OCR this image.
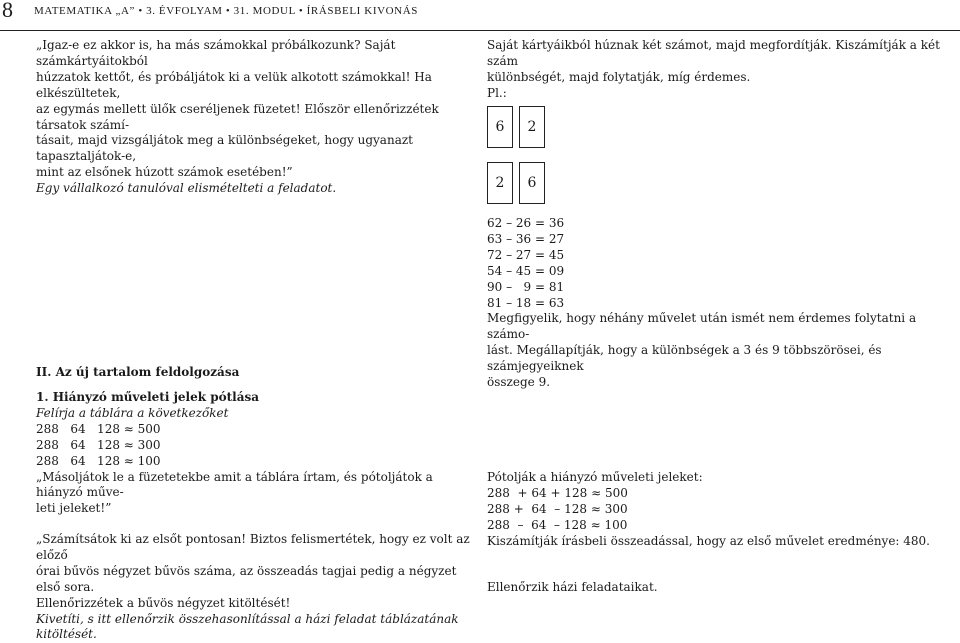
8 MATEMATIKA „A” • 3. ÉVFOLYAM • 31. MODUL • ÍRÁSBELI KIVONÁS

„Igaz-e ez akkor is, ha más számokkal próbálkozunk? Saját számkártyáitokból

húzzatok kettőt, és próbáljátok ki a velük alkotott számokkal! Ha elkészültetek,

az egymás mellett ülők cseréljenek füzetet! Először ellenőrizzétek társatok számí-

tásait, majd vizsgáljátok meg a különbségeket, hogy ugyanazt tapasztaljátok-e,

mint az elsőnek húzott számok esetében!”

Egy vállalkozó tanulóval elismételteti a feladatot.

Saját kártyáikból húznak két számot, majd megfordítják. Kiszámítják a két szám

különbségét, majd folytatják, míg érdemes.

Pl.:

6	2
2	6
62 – 26 = 36
63 – 36 = 27
72 – 27 = 45
54 – 45 = 09
90 –   9 = 81
81 – 18 = 63
Megfigyelik, hogy néhány művelet után ismét nem érdemes folytatni a számo-
lást. Megállapítják, hogy a különbségek a 3 és 9 többszörösei, és számjegyeiknek
összege 9.
II. Az új tartalom feldolgozása
1. Hiányzó műveleti jelek pótlása
Felírja a táblára a következőket
288   64   128 ≈ 500
288   64   128 ≈ 300
288   64   128 ≈ 100
„Másoljátok le a füzetetekbe amit a táblára írtam, és pótoljátok a hiányzó művе-
leti jeleket!”
„Számítsátok ki az elsőt pontosan! Biztos felismertétek, hogy ez volt az előző
órai bűvös négyzet bűvös száma, az összeadás tagjai pedig a négyzet első sora.
Ellenőrizzétek a bűvös négyzet kitöltését!
Kivetíti, s itt ellenőrzik összehasonlítással a házi feladat táblázatának kitöltését.
Pótolják a hiányzó műveleti jeleket:
288  + 64 + 128 ≈ 500
288 +  64  – 128 ≈ 300
288  –  64  – 128 ≈ 100
Kiszámítják írásbeli összeadással, hogy az első művelet eredménye: 480.
Ellenőrzik házi feladataikat.
